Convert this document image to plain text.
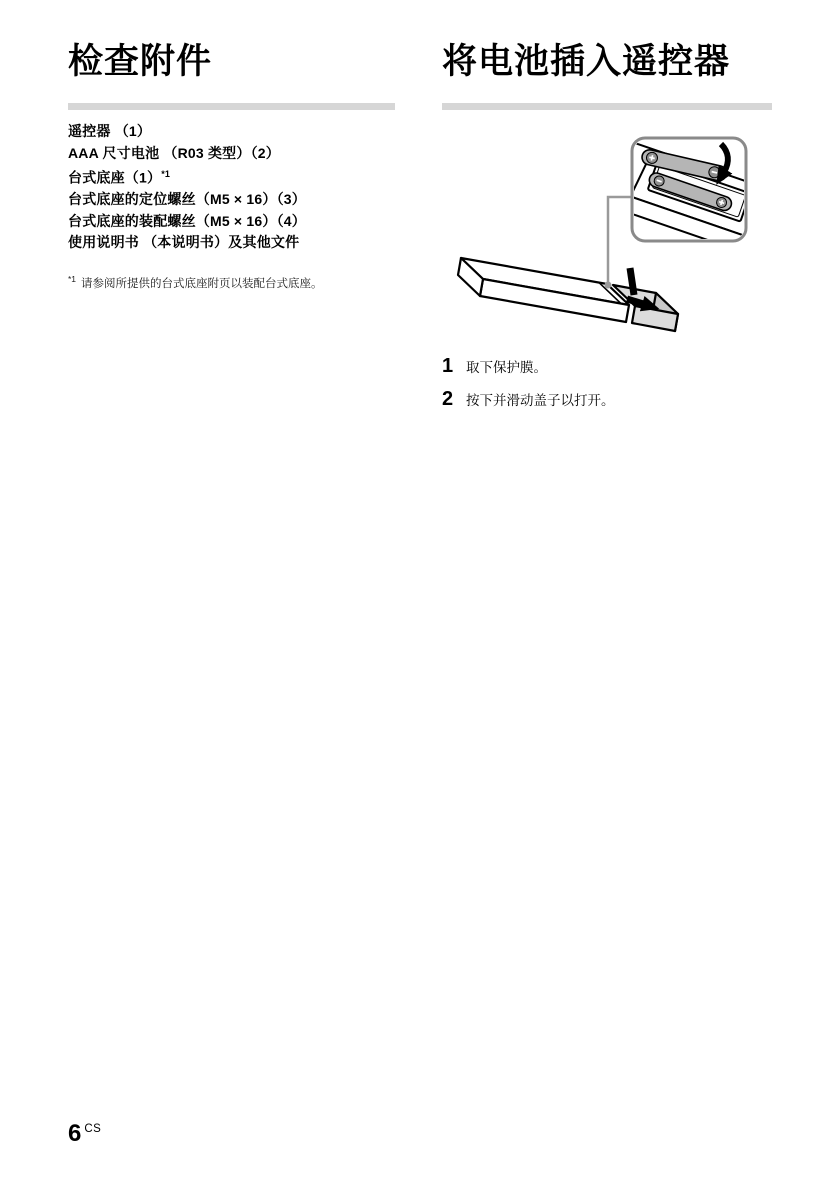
检查附件
遥控器 （1）
AAA 尺寸电池 （R03 类型）（2）
台式底座$(1)^{*1}$
台式底座的定位螺丝（M5 × 16）（3）
台式底座的装配螺丝（M5 × 16）（4）
使用说明书 （本说明书）及其他文件
$^{*1}$ 请参阅所提供的台式底座附页以装配台式底座。
将电池插入遥控器
1 取下保护膜。
2 按下并滑动盖子以打开。
6 $^{CS}$
